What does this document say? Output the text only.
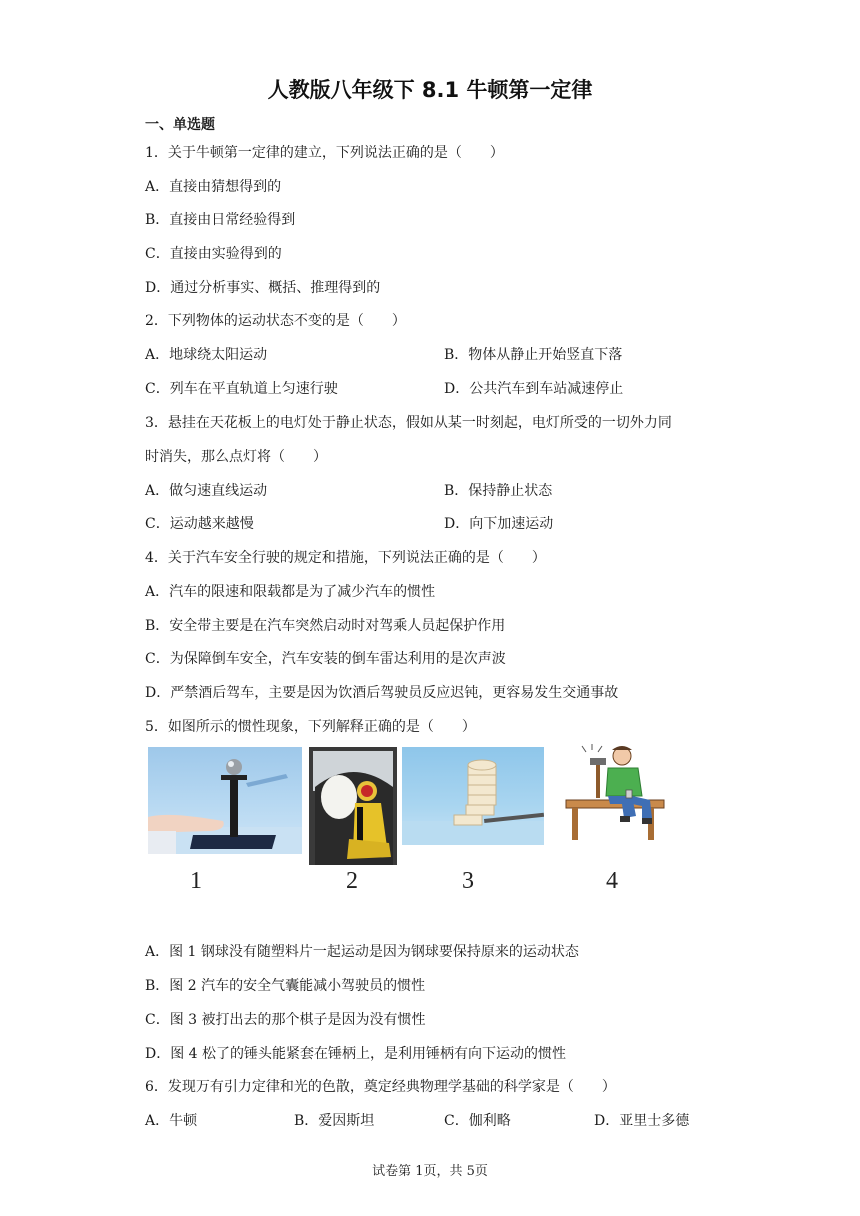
人教版八年级下 8.1 牛顿第一定律
一、单选题
1．关于牛顿第一定律的建立，下列说法正确的是（　　）
A．直接由猜想得到的
B．直接由日常经验得到
C．直接由实验得到的
D．通过分析事实、概括、推理得到的
2．下列物体的运动状态不变的是（　　）
A．地球绕太阳运动	B．物体从静止开始竖直下落
C．列车在平直轨道上匀速行驶	D．公共汽车到车站减速停止
3．悬挂在天花板上的电灯处于静止状态，假如从某一时刻起，电灯所受的一切外力同
时消失，那么点灯将（　　）
A．做匀速直线运动	B．保持静止状态
C．运动越来越慢	D．向下加速运动
4．关于汽车安全行驶的规定和措施，下列说法正确的是（　　）
A．汽车的限速和限载都是为了减少汽车的惯性
B．安全带主要是在汽车突然启动时对驾乘人员起保护作用
C．为保障倒车安全，汽车安装的倒车雷达利用的是次声波
D．严禁酒后驾车，主要是因为饮酒后驾驶员反应迟钝，更容易发生交通事故
5．如图所示的惯性现象，下列解释正确的是（　　）
1	2	3	4
A．图 1 钢球没有随塑料片一起运动是因为钢球要保持原来的运动状态
B．图 2 汽车的安全气囊能减小驾驶员的惯性
C．图 3 被打出去的那个棋子是因为没有惯性
D．图 4 松了的锤头能紧套在锤柄上，是利用锤柄有向下运动的惯性
6．发现万有引力定律和光的色散，奠定经典物理学基础的科学家是（　　）
A．牛顿	B．爱因斯坦	C．伽利略	D．亚里士多德
试卷第 1页，共 5页
